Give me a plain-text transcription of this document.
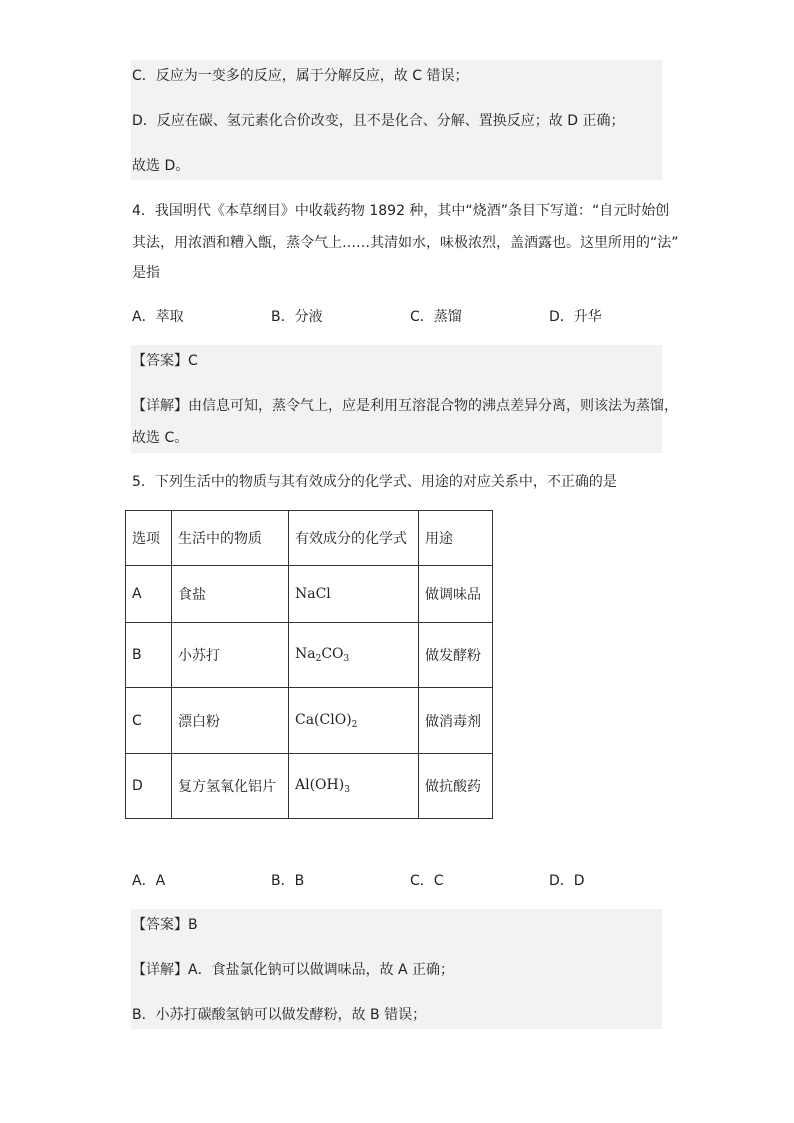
C．反应为一变多的反应，属于分解反应，故 C 错误；
D．反应在碳、氢元素化合价改变，且不是化合、分解、置换反应；故 D 正确；
故选 D。
4．我国明代《本草纲目》中收载药物 1892 种，其中“烧酒”条目下写道：“自元时始创
其法，用浓酒和糟入甑，蒸令气上……其清如水，味极浓烈，盖酒露也。这里所用的“法”
是指
A．萃取	B．分液	C．蒸馏	D．升华
【答案】C
【详解】由信息可知，蒸令气上，应是利用互溶混合物的沸点差异分离，则该法为蒸馏，
故选 C。
5．下列生活中的物质与其有效成分的化学式、用途的对应关系中，不正确的是
选项	生活中的物质	有效成分的化学式	用途
A	食盐	NaCl	做调味品
B	小苏打	$Na_2CO_3$	做发酵粉
C	漂白粉	$Ca(ClO)_2$	做消毒剂
D	复方氢氧化铝片	$Al(OH)_3$	做抗酸药
A．A	B．B	C．C	D．D
【答案】B
【详解】A．食盐氯化钠可以做调味品，故 A 正确；
B．小苏打碳酸氢钠可以做发酵粉，故 B 错误；
